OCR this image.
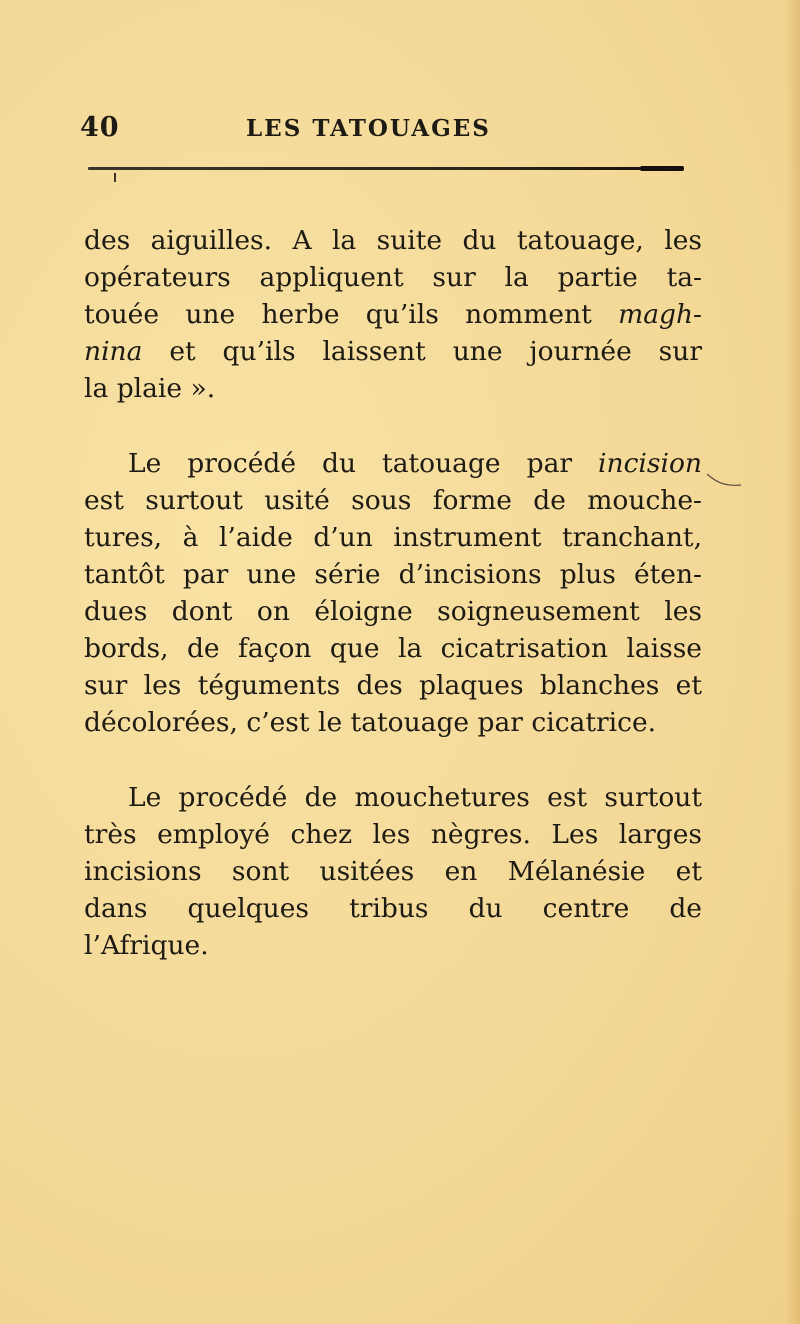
40	LES TATOUAGES
des aiguilles. A la suite du tatouage, les
opérateurs appliquent sur la partie ta-
touée une herbe qu’ils nomment magh-
nina et qu’ils laissent une journée sur
la plaie ».
Le procédé du tatouage par incision
est surtout usité sous forme de mouche-
tures, à l’aide d’un instrument tranchant,
tantôt par une série d’incisions plus éten-
dues dont on éloigne soigneusement les
bords, de façon que la cicatrisation laisse
sur les téguments des plaques blanches et
décolorées, c’est le tatouage par cicatrice.
Le procédé de mouchetures est surtout
très employé chez les nègres. Les larges
incisions sont usitées en Mélanésie et
dans quelques tribus du centre de
l’Afrique.
